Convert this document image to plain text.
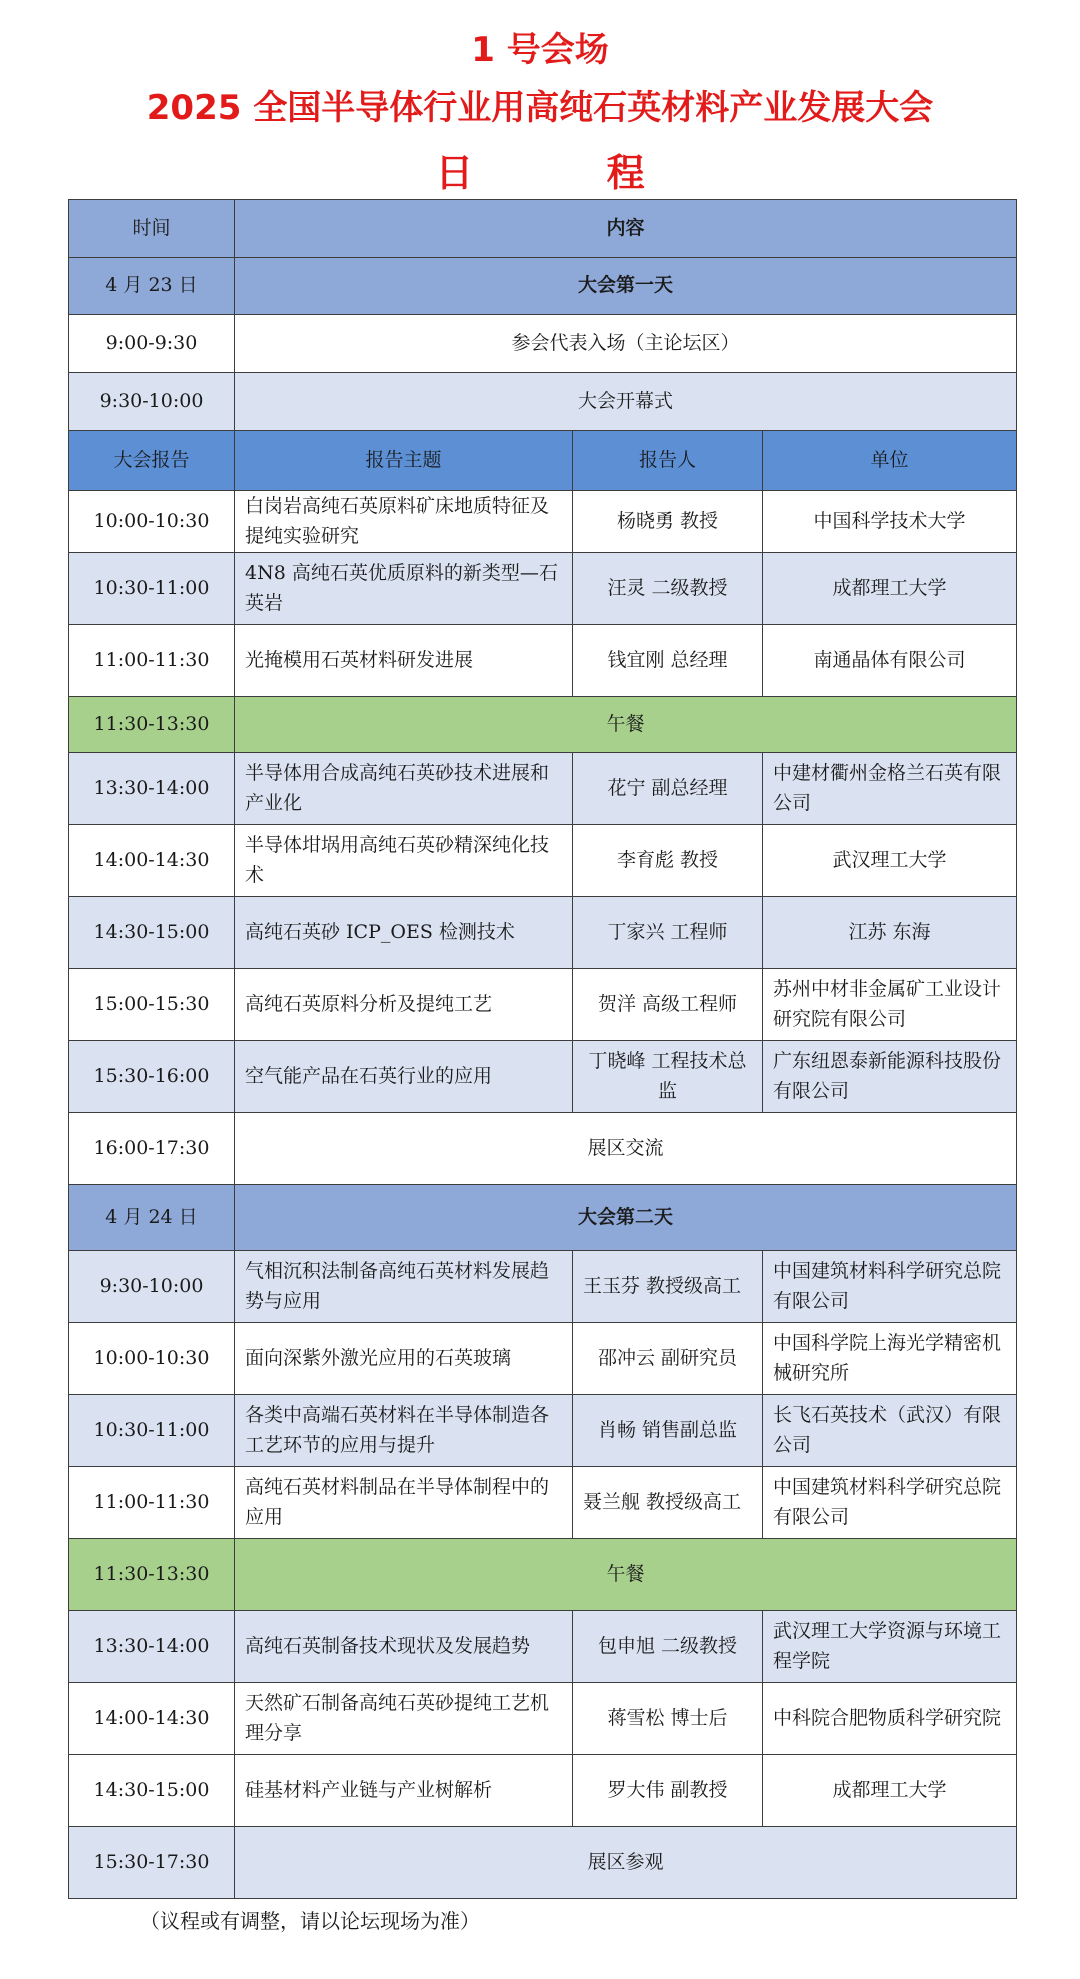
1 号会场
2025 全国半导体行业用高纯石英材料产业发展大会
日 程
时间	内容		
4 月 23 日	大会第一天		
9:00-9:30	参会代表入场（主论坛区）		
9:30-10:00	大会开幕式		
大会报告	报告主题	报告人	单位
10:00-10:30	白岗岩高纯石英原料矿床地质特征及提纯实验研究	杨晓勇 教授	中国科学技术大学
10:30-11:00	4N8 高纯石英优质原料的新类型—石英岩	汪灵 二级教授	成都理工大学
11:00-11:30	光掩模用石英材料研发进展	钱宜刚 总经理	南通晶体有限公司
11:30-13:30	午餐		
13:30-14:00	半导体用合成高纯石英砂技术进展和产业化	花宁 副总经理	中建材衢州金格兰石英有限公司
14:00-14:30	半导体坩埚用高纯石英砂精深纯化技术	李育彪 教授	武汉理工大学
14:30-15:00	高纯石英砂 ICP_OES 检测技术	丁家兴 工程师	江苏 东海
15:00-15:30	高纯石英原料分析及提纯工艺	贺洋 高级工程师	苏州中材非金属矿工业设计研究院有限公司
15:30-16:00	空气能产品在石英行业的应用	丁晓峰 工程技术总监	广东纽恩泰新能源科技股份有限公司
16:00-17:30	展区交流		
4 月 24 日	大会第二天		
9:30-10:00	气相沉积法制备高纯石英材料发展趋势与应用	王玉芬 教授级高工	中国建筑材料科学研究总院有限公司
10:00-10:30	面向深紫外激光应用的石英玻璃	邵冲云 副研究员	中国科学院上海光学精密机械研究所
10:30-11:00	各类中高端石英材料在半导体制造各工艺环节的应用与提升	肖畅 销售副总监	长飞石英技术（武汉）有限公司
11:00-11:30	高纯石英材料制品在半导体制程中的应用	聂兰舰 教授级高工	中国建筑材料科学研究总院有限公司
11:30-13:30	午餐		
13:30-14:00	高纯石英制备技术现状及发展趋势	包申旭 二级教授	武汉理工大学资源与环境工程学院
14:00-14:30	天然矿石制备高纯石英砂提纯工艺机理分享	蒋雪松 博士后	中科院合肥物质科学研究院
14:30-15:00	硅基材料产业链与产业树解析	罗大伟 副教授	成都理工大学
15:30-17:30	展区参观		
（议程或有调整，请以论坛现场为准）
